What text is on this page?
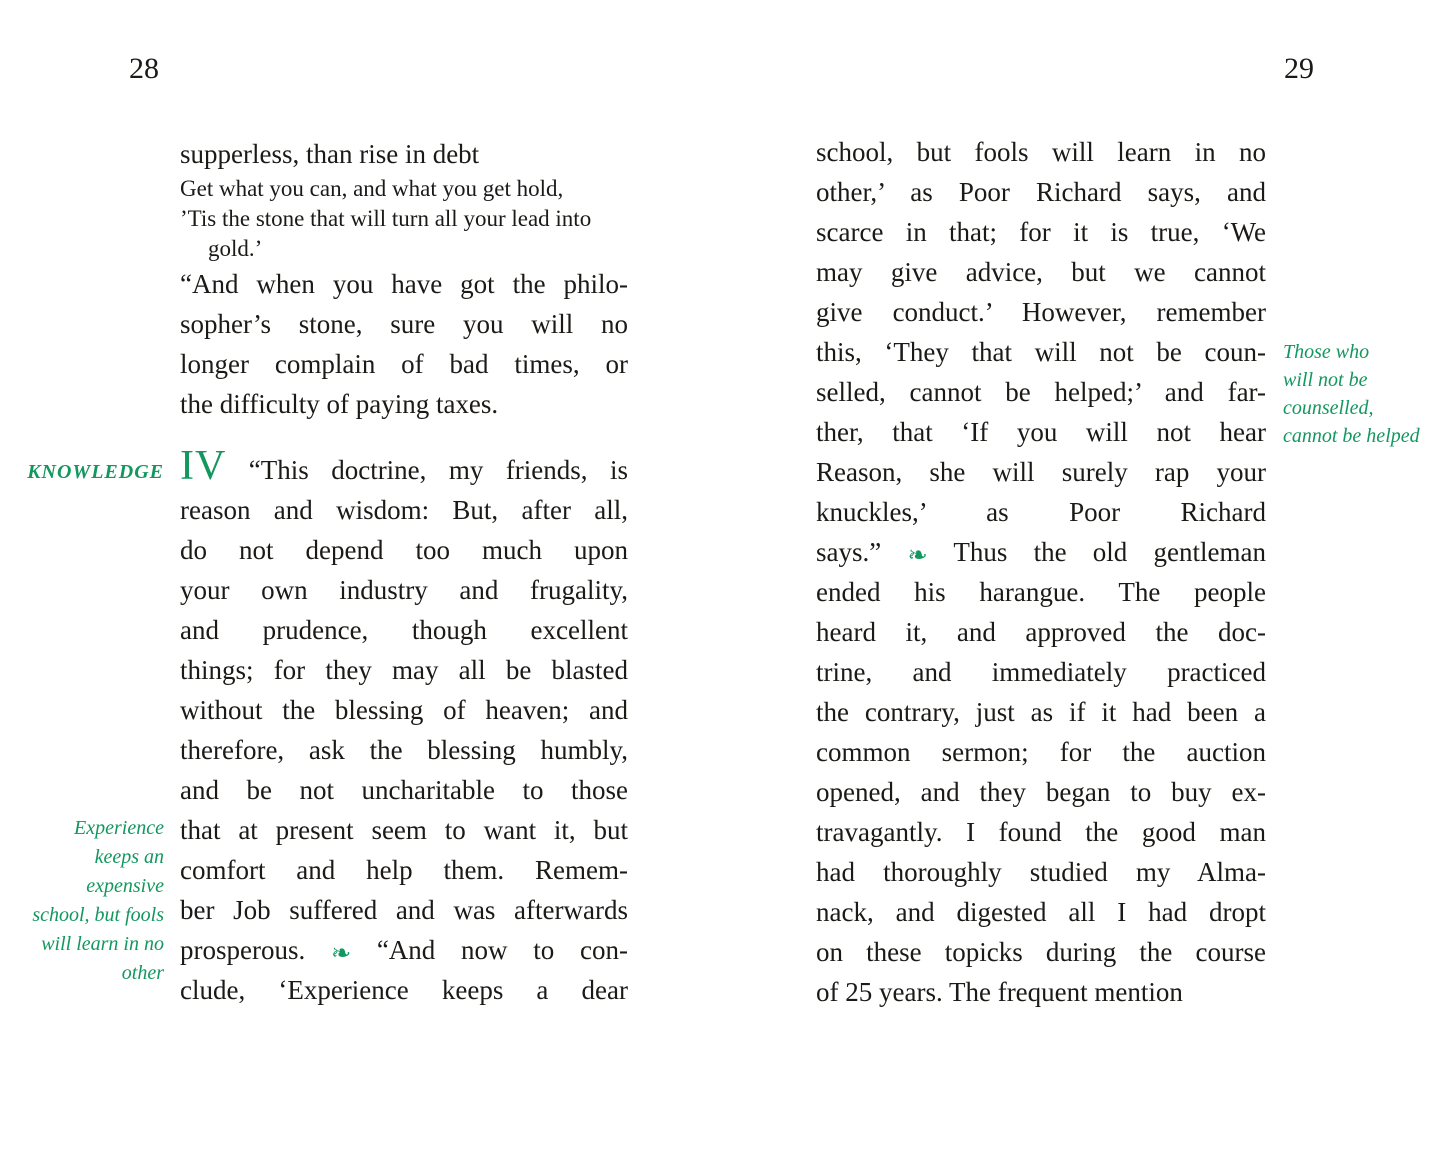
28	29
KNOWLEDGE
Experience
keeps an
expensive
school, but fools
will learn in no
other
supperless, than rise in debt
Get what you can, and what you get hold,
’Tis the stone that will turn all your lead into
gold.’
“And when you have got the philo-
sopher’s stone, sure you will no
longer complain of bad times, or
the difficulty of paying taxes.
IV “This doctrine, my friends, is
reason and wisdom: But, after all,
do not depend too much upon
your own industry and frugality,
and prudence, though excellent
things; for they may all be blasted
without the blessing of heaven; and
therefore, ask the blessing humbly,
and be not uncharitable to those
that at present seem to want it, but
comfort and help them. Remem-
ber Job suffered and was afterwards
prosperous. ❧ “And now to con-
clude, ‘Experience keeps a dear
school, but fools will learn in no
other,’ as Poor Richard says, and
scarce in that; for it is true, ‘We
may give advice, but we cannot
give conduct.’ However, remember
this, ‘They that will not be coun-
selled, cannot be helped;’ and far-
ther, that ‘If you will not hear
Reason, she will surely rap your
knuckles,’ as Poor Richard
says.” ❧ Thus the old gentleman
ended his harangue. The people
heard it, and approved the doc-
trine, and immediately practiced
the contrary, just as if it had been a
common sermon; for the auction
opened, and they began to buy ex-
travagantly. I found the good man
had thoroughly studied my Alma-
nack, and digested all I had dropt
on these topicks during the course
of 25 years. The frequent mention
Those who
will not be
counselled,
cannot be helped
